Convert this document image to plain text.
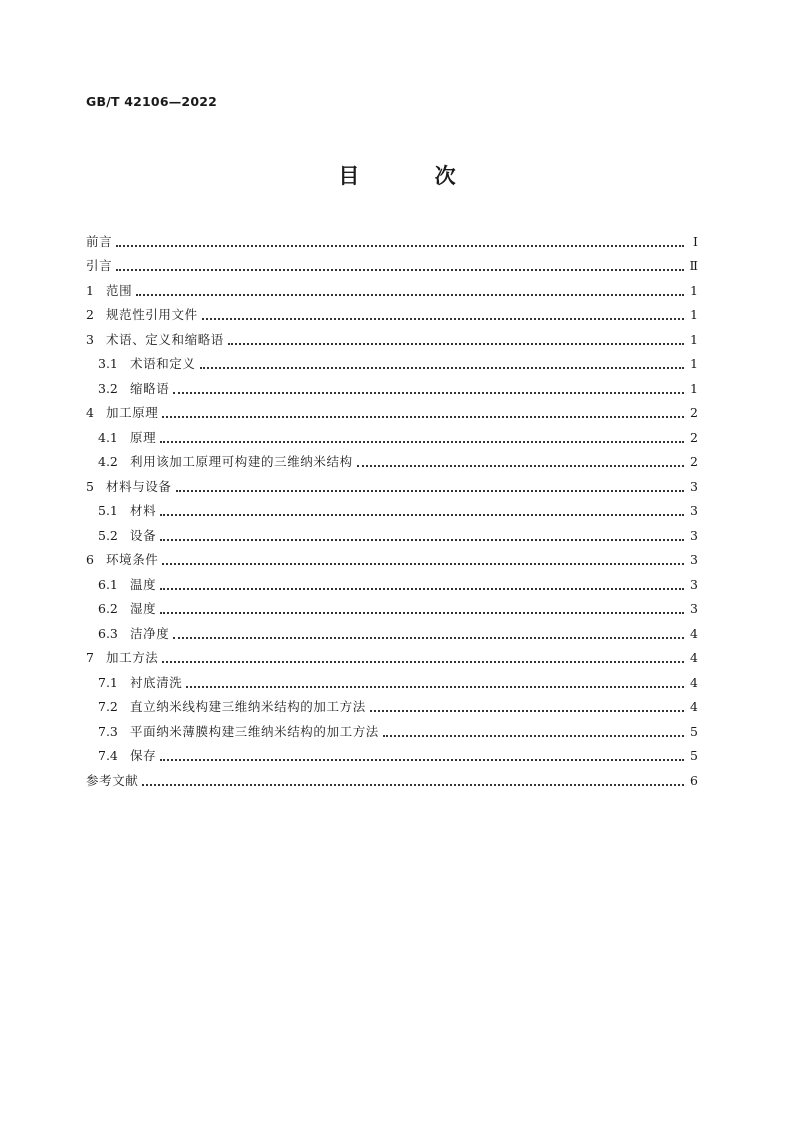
GB/T 42106—2022
目 次
前言	Ⅰ
引言	Ⅱ
1 范围	1
2 规范性引用文件	1
3 术语、定义和缩略语	1
3.1 术语和定义	1
3.2 缩略语	1
4 加工原理	2
4.1 原理	2
4.2 利用该加工原理可构建的三维纳米结构	2
5 材料与设备	3
5.1 材料	3
5.2 设备	3
6 环境条件	3
6.1 温度	3
6.2 湿度	3
6.3 洁净度	4
7 加工方法	4
7.1 衬底清洗	4
7.2 直立纳米线构建三维纳米结构的加工方法	4
7.3 平面纳米薄膜构建三维纳米结构的加工方法	5
7.4 保存	5
参考文献	6
